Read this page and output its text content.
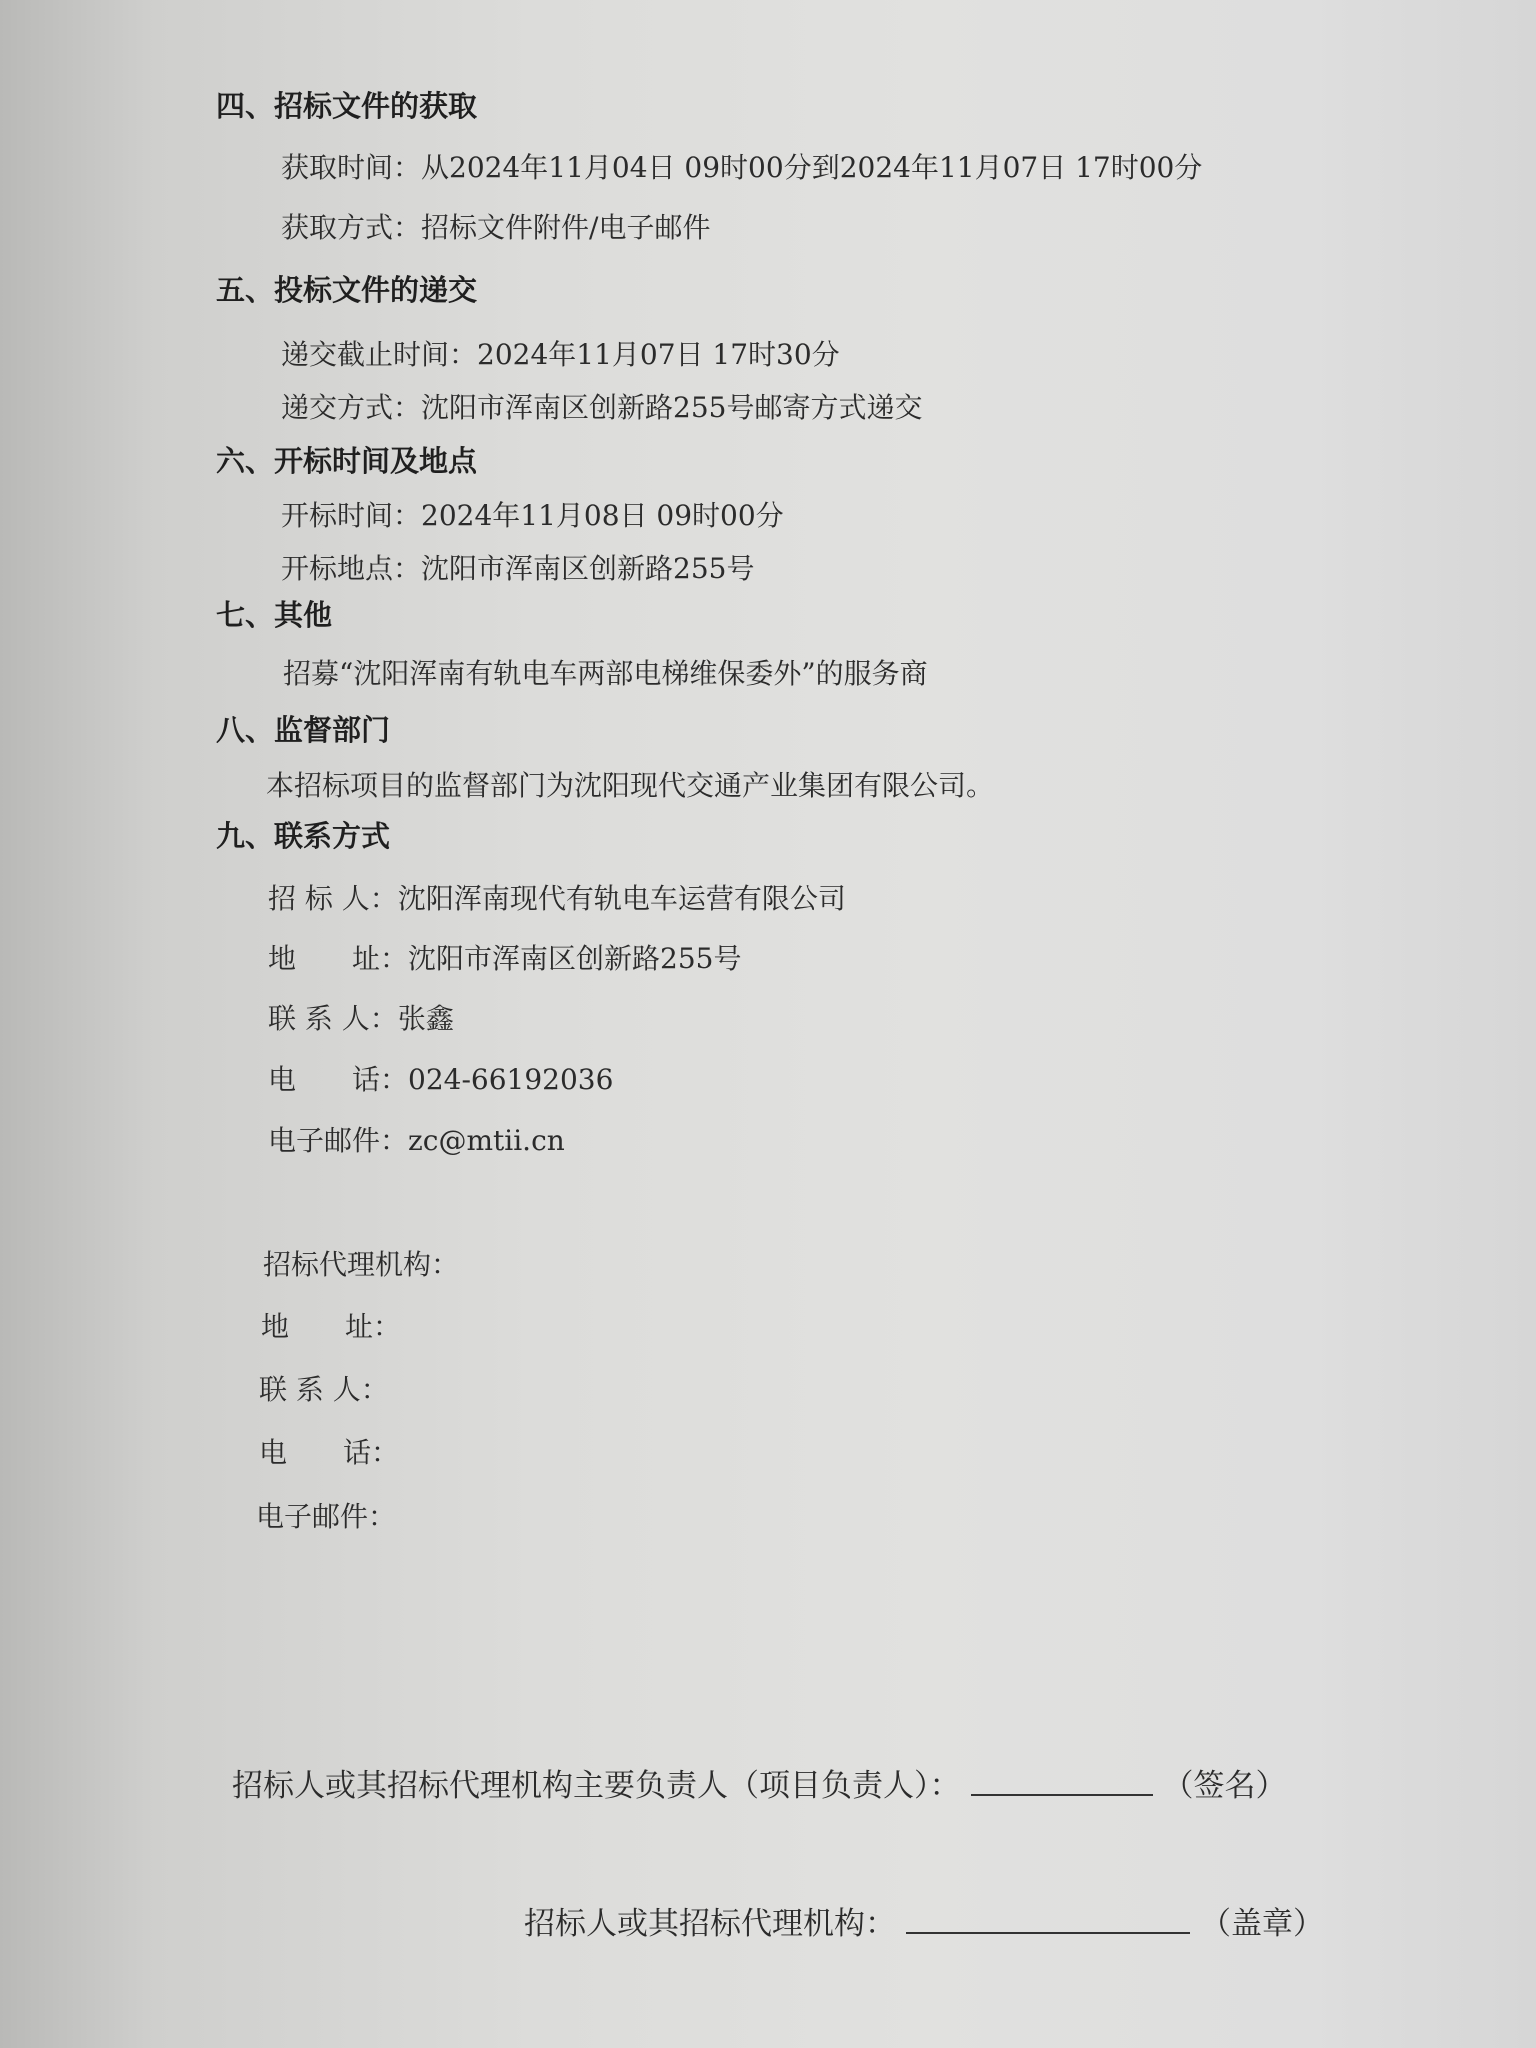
四、招标文件的获取
获取时间：从2024年11月04日 09时00分到2024年11月07日 17时00分
获取方式：招标文件附件/电子邮件
五、投标文件的递交
递交截止时间：2024年11月07日 17时30分
递交方式：沈阳市浑南区创新路255号邮寄方式递交
六、开标时间及地点
开标时间：2024年11月08日 09时00分
开标地点：沈阳市浑南区创新路255号
七、其他
招募“沈阳浑南有轨电车两部电梯维保委外”的服务商
八、监督部门
本招标项目的监督部门为沈阳现代交通产业集团有限公司。
九、联系方式
招 标 人：沈阳浑南现代有轨电车运营有限公司
地　　址：沈阳市浑南区创新路255号
联 系 人：张鑫
电　　话：024-66192036
电子邮件：zc@mtii.cn
招标代理机构：
地　　址：
联 系 人：
电　　话：
电子邮件：
招标人或其招标代理机构主要负责人（项目负责人）：	（签名）
招标人或其招标代理机构：	（盖章）
